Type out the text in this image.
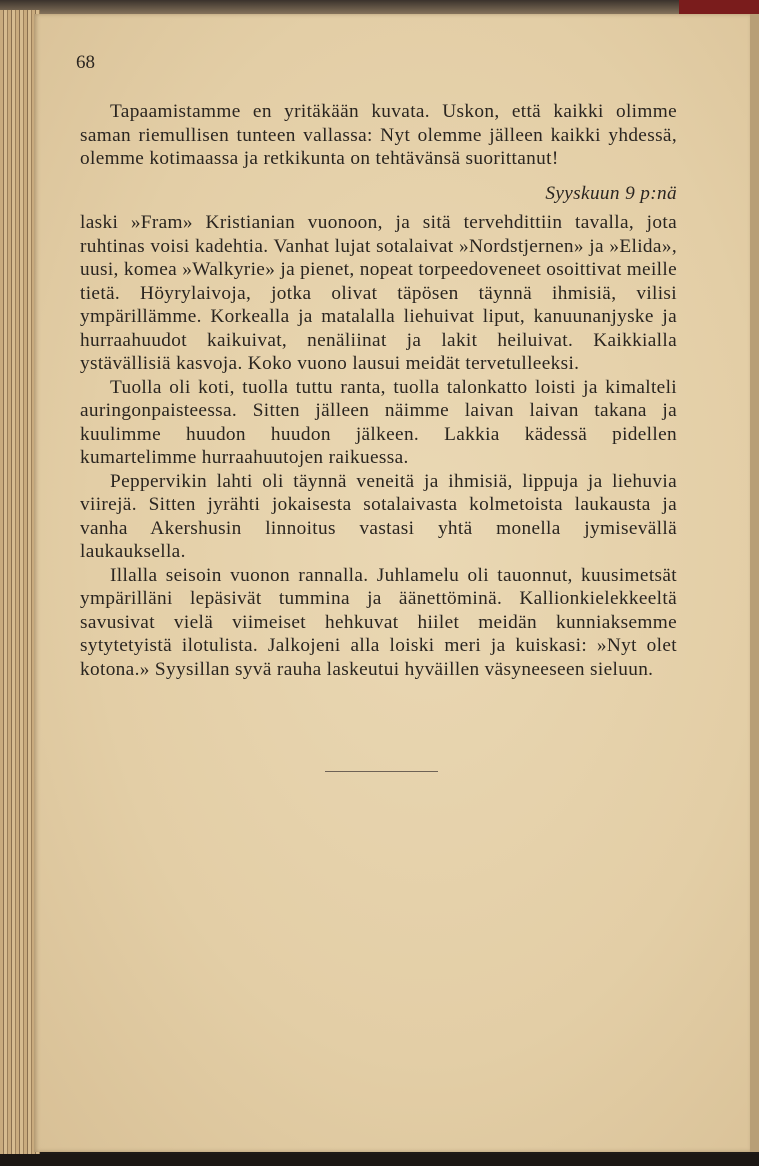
68

Tapaamistamme en yritäkään kuvata. Uskon, että kaikki olimme saman riemullisen tunteen vallassa: Nyt olemme jälleen kaikki yhdessä, olemme kotimaassa ja retkikunta on tehtävänsä suorittanut!

Syyskuun 9 p:nä

laski »Fram» Kristianian vuonoon, ja sitä tervehdittiin tavalla, jota ruhtinas voisi kadehtia. Vanhat lujat sotalaivat »Nordstjernen» ja »Elida», uusi, komea »Walkyrie» ja pienet, nopeat torpeedoveneet osoittivat meille tietä. Höyrylaivoja, jotka olivat täpösen täynnä ihmisiä, vilisi ympärillämme. Korkealla ja matalalla liehuivat liput, kanuunanjyske ja hurraahuudot kaikuivat, nenäliinat ja lakit heiluivat. Kaikkialla ystävällisiä kasvoja. Koko vuono lausui meidät tervetulleeksi.

Tuolla oli koti, tuolla tuttu ranta, tuolla talonkatto loisti ja kimalteli auringonpaisteessa. Sitten jälleen näimme laivan laivan takana ja kuulimme huudon huudon jälkeen. Lakkia kädessä pidellen kumartelimme hurraahuutojen raikuessa.

Peppervikin lahti oli täynnä veneitä ja ihmisiä, lippuja ja liehuvia viirejä. Sitten jyrähti jokaisesta sotalaivasta kolmetoista laukausta ja vanha Akershusin linnoitus vastasi yhtä monella jymisevällä laukauksella.

Illalla seisoin vuonon rannalla. Juhlamelu oli tauonnut, kuusimetsät ympärilläni lepäsivät tummina ja äänettöminä. Kallionkielekkeeltä savusivat vielä viimeiset hehkuvat hiilet meidän kunniaksemme sytytetyistä ilotulista. Jalkojeni alla loiski meri ja kuiskasi: »Nyt olet kotona.» Syysillan syvä rauha laskeutui hyväillen väsyneeseen sieluun.
